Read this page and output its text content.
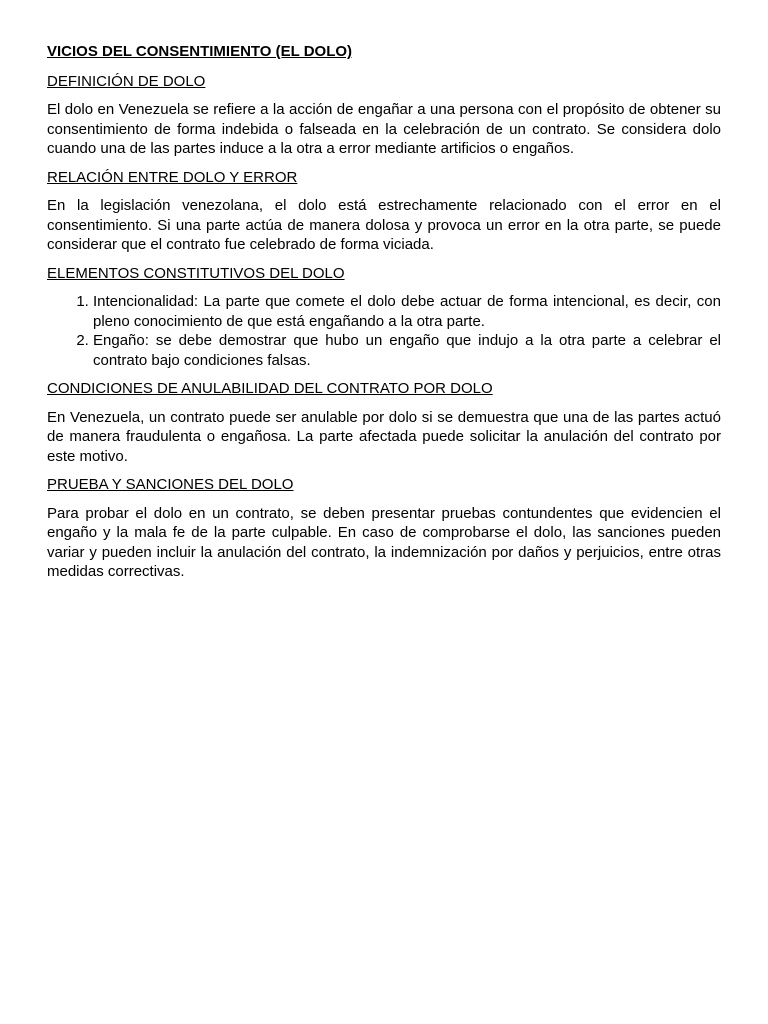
VICIOS DEL CONSENTIMIENTO (EL DOLO)
DEFINICIÓN DE DOLO

El dolo en Venezuela se refiere a la acción de engañar a una persona con el propósito de obtener su consentimiento de forma indebida o falseada en la celebración de un contrato. Se considera dolo cuando una de las partes induce a la otra a error mediante artificios o engaños.

RELACIÓN ENTRE DOLO Y ERROR

En la legislación venezolana, el dolo está estrechamente relacionado con el error en el consentimiento. Si una parte actúa de manera dolosa y provoca un error en la otra parte, se puede considerar que el contrato fue celebrado de forma viciada.

ELEMENTOS CONSTITUTIVOS DEL DOLO
1. Intencionalidad: La parte que comete el dolo debe actuar de forma intencional, es decir, con pleno conocimiento de que está engañando a la otra parte.
2. Engaño: se debe demostrar que hubo un engaño que indujo a la otra parte a celebrar el contrato bajo condiciones falsas.
CONDICIONES DE ANULABILIDAD DEL CONTRATO POR DOLO

En Venezuela, un contrato puede ser anulable por dolo si se demuestra que una de las partes actuó de manera fraudulenta o engañosa. La parte afectada puede solicitar la anulación del contrato por este motivo.

PRUEBA Y SANCIONES DEL DOLO

Para probar el dolo en un contrato, se deben presentar pruebas contundentes que evidencien el engaño y la mala fe de la parte culpable. En caso de comprobarse el dolo, las sanciones pueden variar y pueden incluir la anulación del contrato, la indemnización por daños y perjuicios, entre otras medidas correctivas.
